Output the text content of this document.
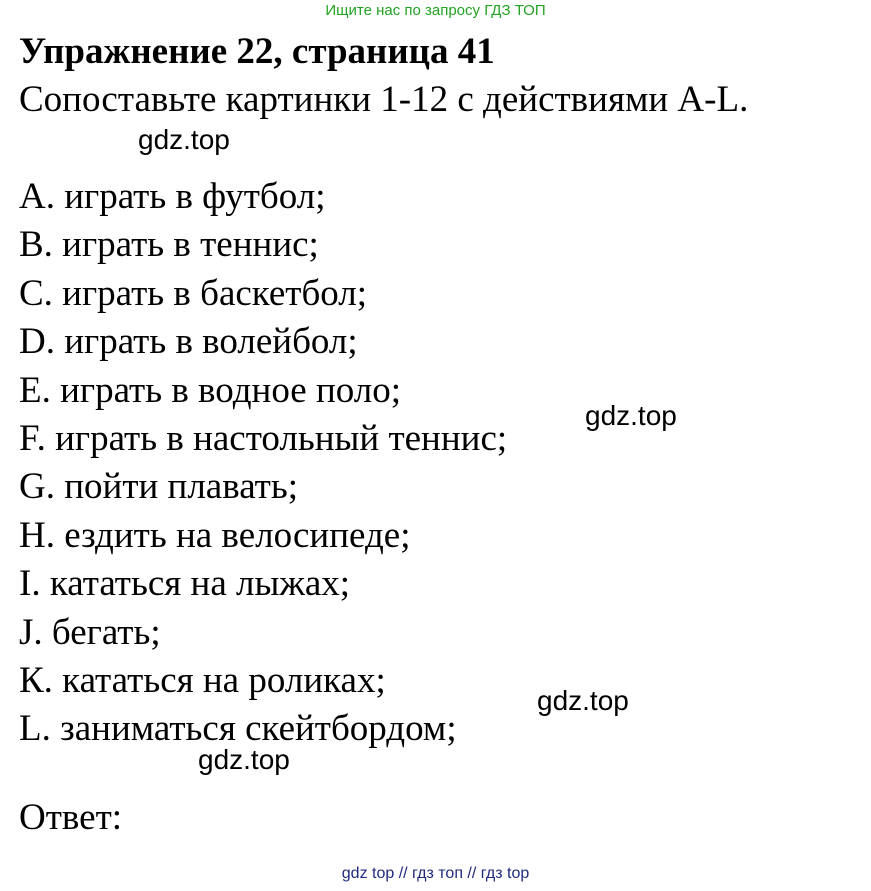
Ищите нас по запросу ГДЗ ТОП
Упражнение 22, страница 41
Сопоставьте картинки 1-12 с действиями A-L.
A. играть в футбол;
B. играть в теннис;
C. играть в баскетбол;
D. играть в волейбол;
E. играть в водное поло;
F. играть в настольный теннис;
G. пойти плавать;
H. ездить на велосипеде;
I. кататься на лыжах;
J. бегать;
К. кататься на роликах;
L. заниматься скейтбордом;
Ответ:
gdz.top
gdz.top
gdz.top
gdz.top
gdz top // гдз топ // гдз top
